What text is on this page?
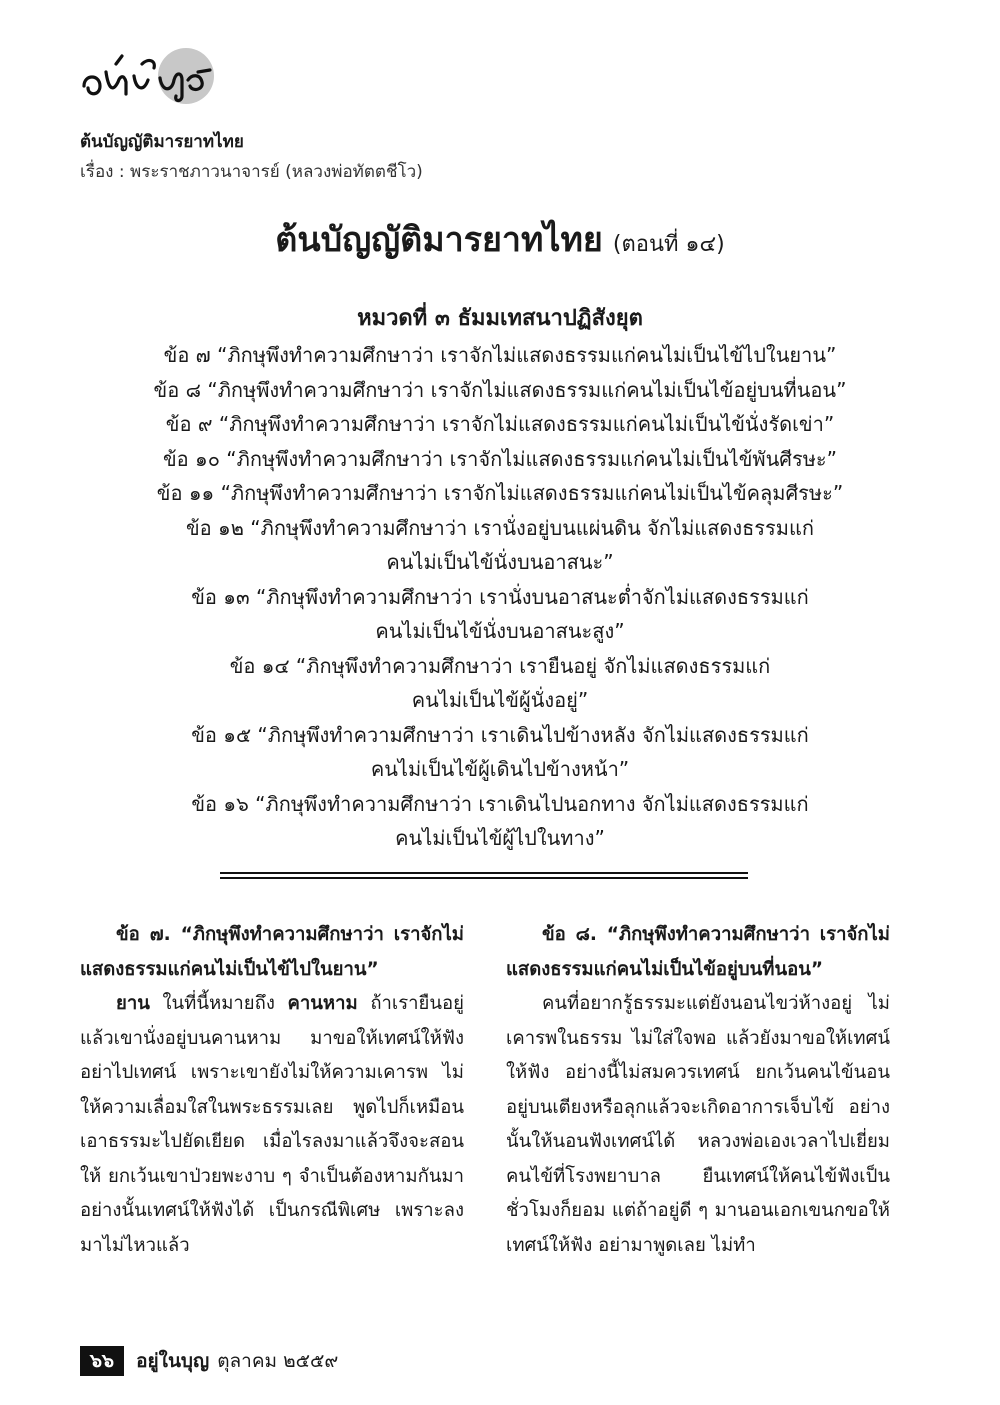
ต้นบัญญัติมารยาทไทย
เรื่อง : พระราชภาวนาจารย์ (หลวงพ่อทัตตชีโว)
ต้นบัญญัติมารยาทไทย (ตอนที่ ๑๔)
หมวดที่ ๓ ธัมมเทสนาปฏิสังยุต
ข้อ ๗ “ภิกษุพึงทำความศึกษาว่า เราจักไม่แสดงธรรมแก่คนไม่เป็นไข้ไปในยาน”
ข้อ ๘ “ภิกษุพึงทำความศึกษาว่า เราจักไม่แสดงธรรมแก่คนไม่เป็นไข้อยู่บนที่นอน”
ข้อ ๙ “ภิกษุพึงทำความศึกษาว่า เราจักไม่แสดงธรรมแก่คนไม่เป็นไข้นั่งรัดเข่า”
ข้อ ๑๐ “ภิกษุพึงทำความศึกษาว่า เราจักไม่แสดงธรรมแก่คนไม่เป็นไข้พันศีรษะ”
ข้อ ๑๑ “ภิกษุพึงทำความศึกษาว่า เราจักไม่แสดงธรรมแก่คนไม่เป็นไข้คลุมศีรษะ”
ข้อ ๑๒ “ภิกษุพึงทำความศึกษาว่า เรานั่งอยู่บนแผ่นดิน จักไม่แสดงธรรมแก่
คนไม่เป็นไข้นั่งบนอาสนะ”
ข้อ ๑๓ “ภิกษุพึงทำความศึกษาว่า เรานั่งบนอาสนะต่ำจักไม่แสดงธรรมแก่
คนไม่เป็นไข้นั่งบนอาสนะสูง”
ข้อ ๑๔ “ภิกษุพึงทำความศึกษาว่า เรายืนอยู่ จักไม่แสดงธรรมแก่
คนไม่เป็นไข้ผู้นั่งอยู่”
ข้อ ๑๕ “ภิกษุพึงทำความศึกษาว่า เราเดินไปข้างหลัง จักไม่แสดงธรรมแก่
คนไม่เป็นไข้ผู้เดินไปข้างหน้า”
ข้อ ๑๖ “ภิกษุพึงทำความศึกษาว่า เราเดินไปนอกทาง จักไม่แสดงธรรมแก่
คนไม่เป็นไข้ผู้ไปในทาง”

ข้อ ๗. “ภิกษุพึงทำความศึกษาว่า เราจักไม่แสดงธรรมแก่คนไม่เป็นไข้ไปในยาน”

ยาน ในที่นี้หมายถึง คานหาม ถ้าเรายืนอยู่แล้วเขานั่งอยู่บนคานหาม มาขอให้เทศน์ให้ฟัง อย่าไปเทศน์ เพราะเขายังไม่ให้ความเคารพ ไม่ให้ความเลื่อมใสในพระธรรมเลย พูดไปก็เหมือนเอาธรรมะไปยัดเยียด เมื่อไรลงมาแล้วจึงจะสอนให้ ยกเว้นเขาป่วยพะงาบ ๆ จำเป็นต้องหามกันมา อย่างนั้นเทศน์ให้ฟังได้ เป็นกรณีพิเศษ เพราะลงมาไม่ไหวแล้ว

ข้อ ๘. “ภิกษุพึงทำความศึกษาว่า เราจักไม่แสดงธรรมแก่คนไม่เป็นไข้อยู่บนที่นอน”

คนที่อยากรู้ธรรมะแต่ยังนอนไขว่ห้างอยู่ ไม่เคารพในธรรม ไม่ใส่ใจพอ แล้วยังมาขอให้เทศน์ให้ฟัง อย่างนี้ไม่สมควรเทศน์ ยกเว้นคนไข้นอนอยู่บนเตียงหรือลุกแล้วจะเกิดอาการเจ็บไข้ อย่างนั้นให้นอนฟังเทศน์ได้ หลวงพ่อเองเวลาไปเยี่ยมคนไข้ที่โรงพยาบาล ยืนเทศน์ให้คนไข้ฟังเป็นชั่วโมงก็ยอม แต่ถ้าอยู่ดี ๆ มานอนเอกเขนกขอให้เทศน์ให้ฟัง อย่ามาพูดเลย ไม่ทำ

๖๖	อยู่ในบุญ ตุลาคม ๒๕๕๙
